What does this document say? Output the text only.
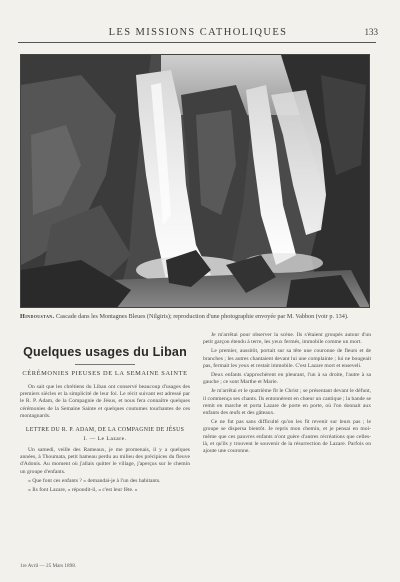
LES MISSIONS CATHOLIQUES	133
Hindoustan. Cascade dans les Montagnes Bleues (Nilgiris); reproduction d'une photographie envoyée par M. Vabbon (voir p. 134).
Quelques usages du Liban
CÉRÉMONIES PIEUSES DE LA SEMAINE SAINTE

On sait que les chrétiens du Liban ont conservé beaucoup d'usages des premiers siècles et la simplicité de leur foi. Le récit suivant est adressé par le R. P. Adam, de la Compagnie de Jésus, et nous fera connaître quelques cérémonies de la Semaine Sainte et quelques coutumes touchantes de ces montagnards.

LETTRE DU R. P. ADAM, DE LA COMPAGNIE DE JÉSUS
I. — Le Lazare.

Un samedi, veille des Rameaux, je me promenais, il y a quelques années, à Thoumata, petit hameau perdu au milieu des précipices du fleuve d'Adonis. Au moment où j'allais quitter le village, j'aperçus sur le chemin un groupe d'enfants.

« Que font ces enfants ? » demandai-je à l'un des habitants.

« Ils font Lazare, » répondit-il, « c'est leur fête. »

Je m'arrêtai pour observer la scène. Ils s'étaient groupés autour d'un petit garçon étendu à terre, les yeux fermés, immobile comme un mort.

Le premier, aussitôt, portait sur sa tête une couronne de fleurs et de branches ; les autres chantaient devant lui une complainte ; lui ne bougeait pas, fermait les yeux et restait immobile. C'est Lazare mort et enseveli.

Deux enfants s'approchèrent en pleurant, l'un à sa droite, l'autre à sa gauche ; ce sont Marthe et Marie.

Je m'arrêtai et le quatrième fit le Christ ; se présentant devant le défunt, il commença ses chants. Ils entonnèrent en chœur un cantique ; la bande se remit en marche et porta Lazare de porte en porte, où l'on donnait aux enfants des œufs et des gâteaux.

Ce ne fut pas sans difficulté qu'on les fit revenir sur leurs pas ; le groupe se dispersa bientôt. Je repris mon chemin, et je pensai en moi-même que ces pauvres enfants n'ont guère d'autres récréations que celles-là, et qu'ils y trouvent le souvenir de la résurrection de Lazare. Parfois on ajoute une couronne.

1re Avril — 25 Mars 1898.
